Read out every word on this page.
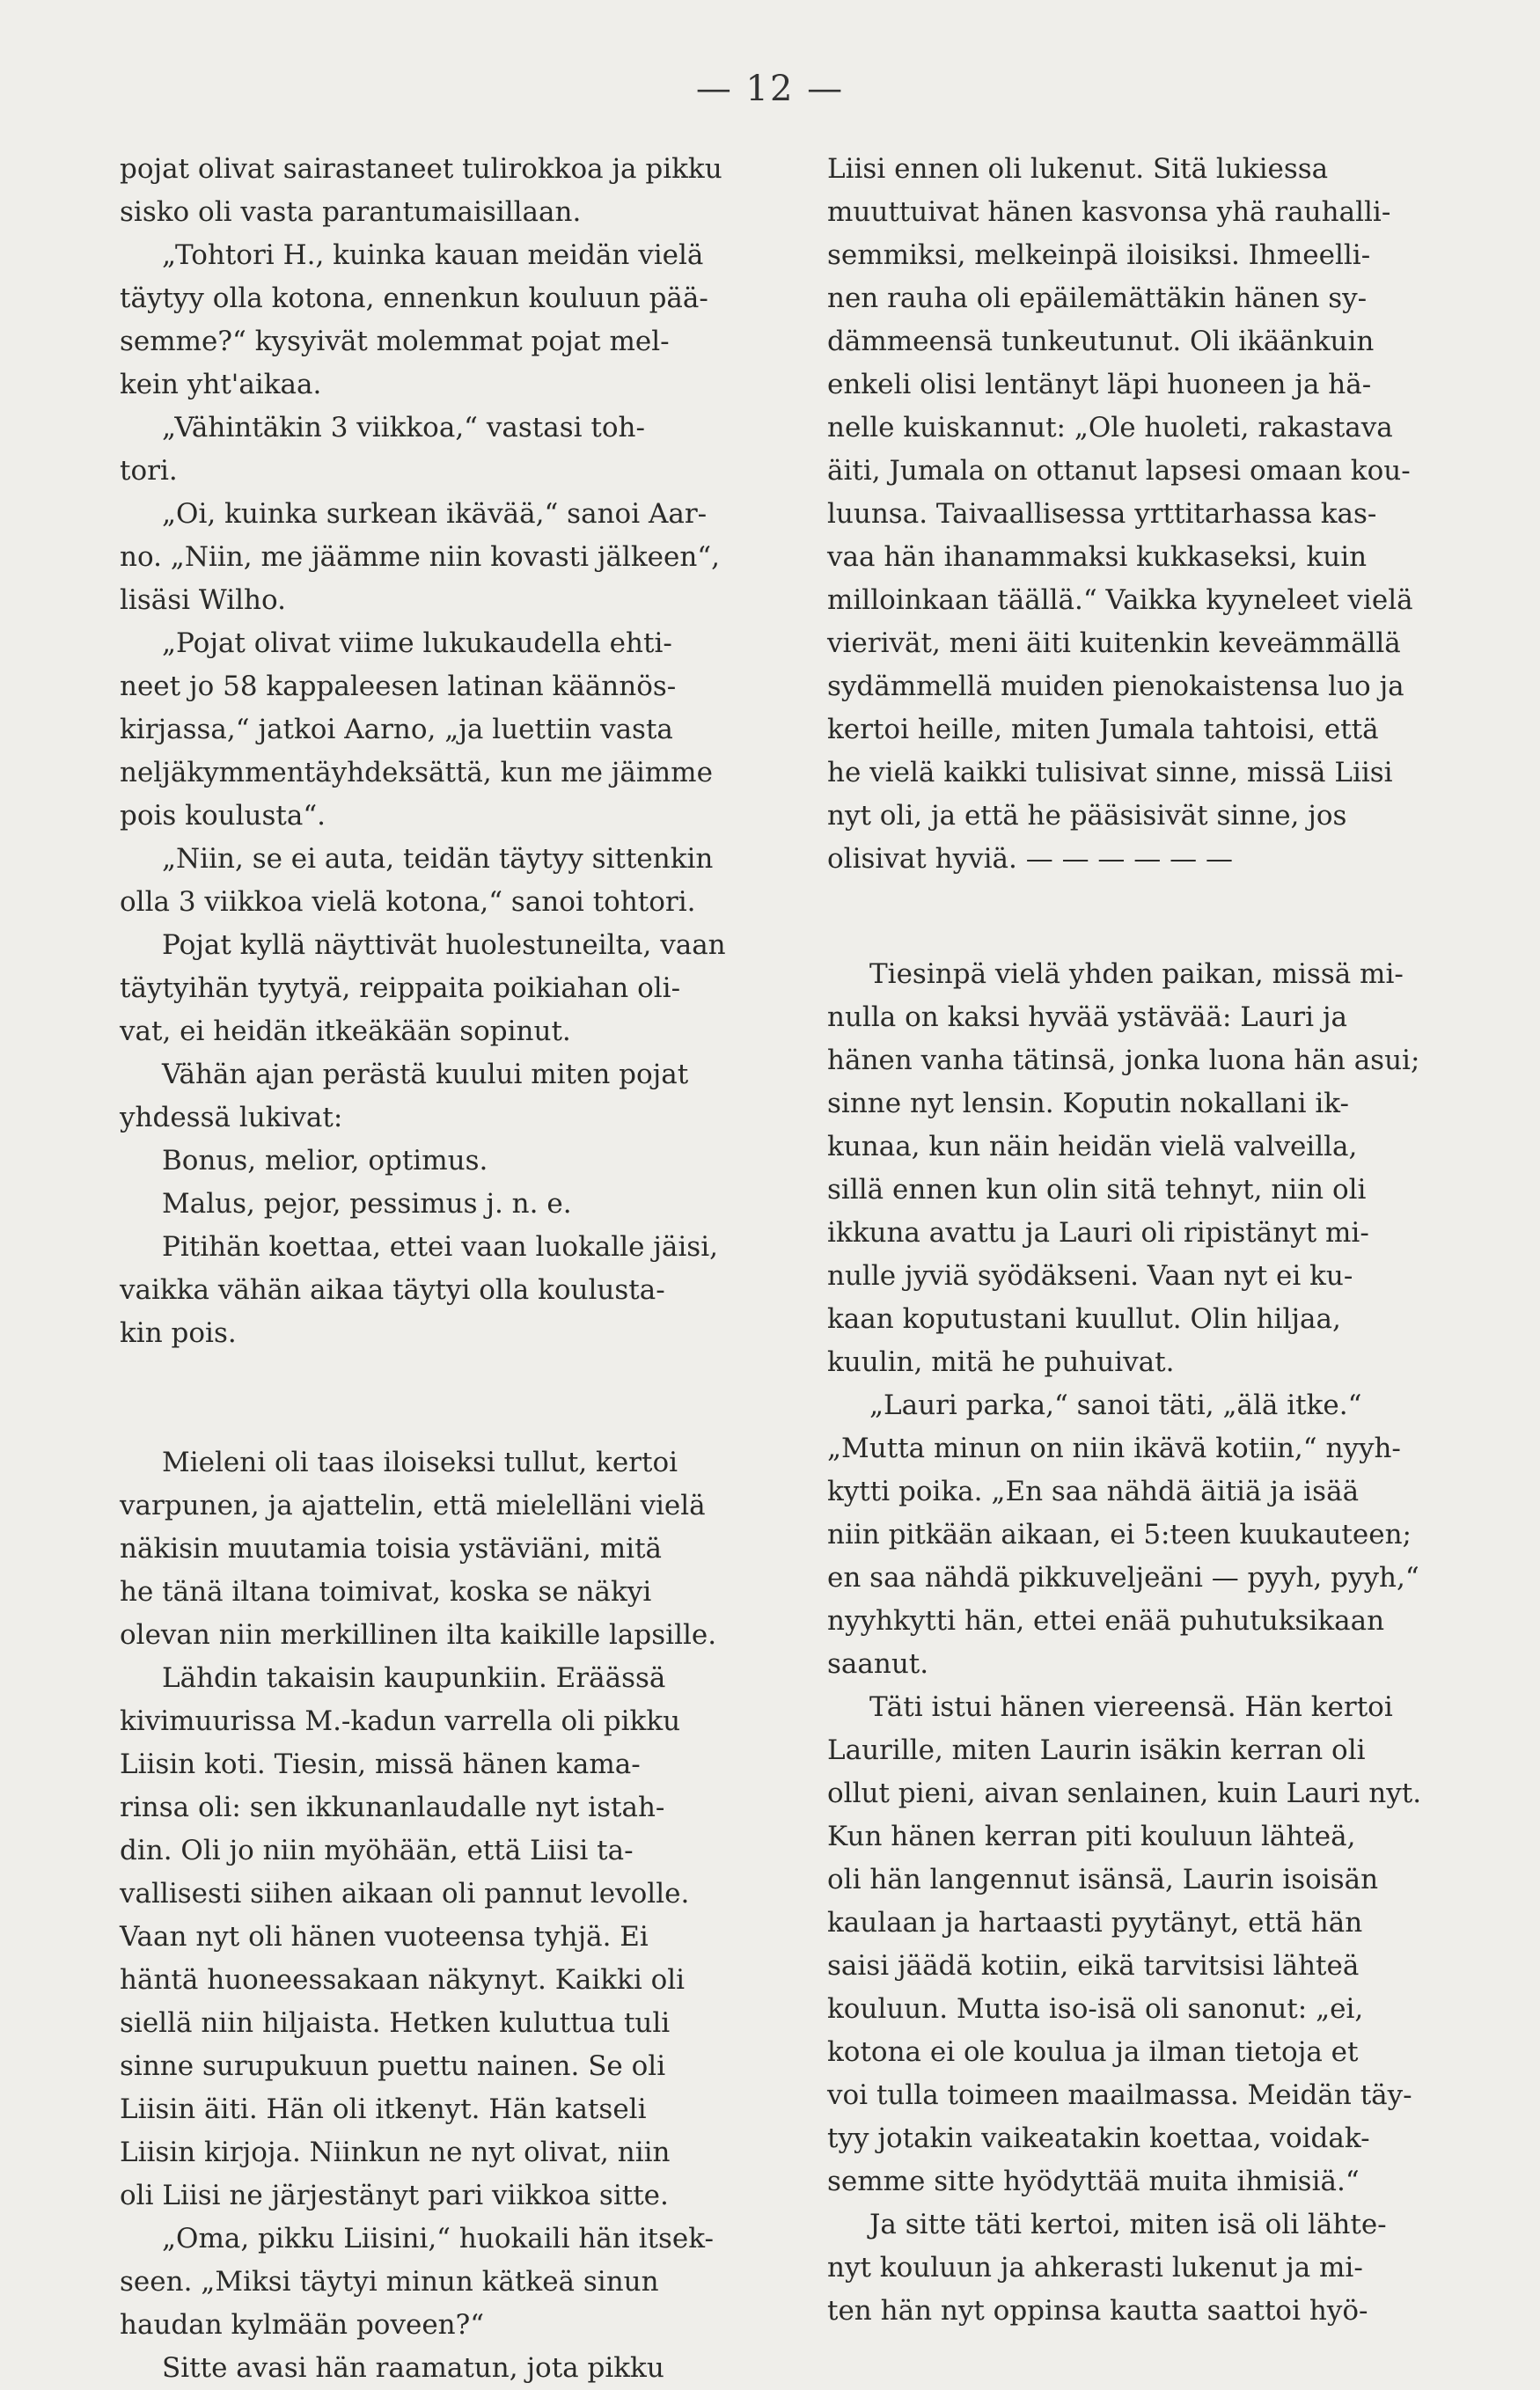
— 12 —
pojat olivat sairastaneet tulirokkoa ja pikku
sisko oli vasta parantumaisillaan.
„Tohtori H., kuinka kauan meidän vielä
täytyy olla kotona, ennenkun kouluun pää-
semme?“ kysyivät molemmat pojat mel-
kein yht'aikaa.
„Vähintäkin 3 viikkoa,“ vastasi toh-
tori.
„Oi, kuinka surkean ikävää,“ sanoi Aar-
no. „Niin, me jäämme niin kovasti jälkeen“,
lisäsi Wilho.
„Pojat olivat viime lukukaudella ehti-
neet jo 58 kappaleesen latinan käännös-
kirjassa,“ jatkoi Aarno, „ja luettiin vasta
neljäkymmentäyhdeksättä, kun me jäimme
pois koulusta“.
„Niin, se ei auta, teidän täytyy sittenkin
olla 3 viikkoa vielä kotona,“ sanoi tohtori.
Pojat kyllä näyttivät huolestuneilta, vaan
täytyihän tyytyä, reippaita poikiahan oli-
vat, ei heidän itkeäkään sopinut.
Vähän ajan perästä kuului miten pojat
yhdessä lukivat:
Bonus, melior, optimus.
Malus, pejor, pessimus j. n. e.
Pitihän koettaa, ettei vaan luokalle jäisi,
vaikka vähän aikaa täytyi olla koulusta-
kin pois.
Mieleni oli taas iloiseksi tullut, kertoi
varpunen, ja ajattelin, että mielelläni vielä
näkisin muutamia toisia ystäviäni, mitä
he tänä iltana toimivat, koska se näkyi
olevan niin merkillinen ilta kaikille lapsille.
Lähdin takaisin kaupunkiin. Eräässä
kivimuurissa M.-kadun varrella oli pikku
Liisin koti. Tiesin, missä hänen kama-
rinsa oli: sen ikkunanlaudalle nyt istah-
din. Oli jo niin myöhään, että Liisi ta-
vallisesti siihen aikaan oli pannut levolle.
Vaan nyt oli hänen vuoteensa tyhjä. Ei
häntä huoneessakaan näkynyt. Kaikki oli
siellä niin hiljaista. Hetken kuluttua tuli
sinne surupukuun puettu nainen. Se oli
Liisin äiti. Hän oli itkenyt. Hän katseli
Liisin kirjoja. Niinkun ne nyt olivat, niin
oli Liisi ne järjestänyt pari viikkoa sitte.
„Oma, pikku Liisini,“ huokaili hän itsek-
seen. „Miksi täytyi minun kätkeä sinun
haudan kylmään poveen?“
Sitte avasi hän raamatun, jota pikku
Liisi ennen oli lukenut. Sitä lukiessa
muuttuivat hänen kasvonsa yhä rauhalli-
semmiksi, melkeinpä iloisiksi. Ihmeelli-
nen rauha oli epäilemättäkin hänen sy-
dämmeensä tunkeutunut. Oli ikäänkuin
enkeli olisi lentänyt läpi huoneen ja hä-
nelle kuiskannut: „Ole huoleti, rakastava
äiti, Jumala on ottanut lapsesi omaan kou-
luunsa. Taivaallisessa yrttitarhassa kas-
vaa hän ihanammaksi kukkaseksi, kuin
milloinkaan täällä.“ Vaikka kyyneleet vielä
vierivät, meni äiti kuitenkin keveämmällä
sydämmellä muiden pienokaistensa luo ja
kertoi heille, miten Jumala tahtoisi, että
he vielä kaikki tulisivat sinne, missä Liisi
nyt oli, ja että he pääsisivät sinne, jos
olisivat hyviä. — — — — — —
Tiesinpä vielä yhden paikan, missä mi-
nulla on kaksi hyvää ystävää: Lauri ja
hänen vanha tätinsä, jonka luona hän asui;
sinne nyt lensin. Koputin nokallani ik-
kunaa, kun näin heidän vielä valveilla,
sillä ennen kun olin sitä tehnyt, niin oli
ikkuna avattu ja Lauri oli ripistänyt mi-
nulle jyviä syödäkseni. Vaan nyt ei ku-
kaan koputustani kuullut. Olin hiljaa,
kuulin, mitä he puhuivat.
„Lauri parka,“ sanoi täti, „älä itke.“
„Mutta minun on niin ikävä kotiin,“ nyyh-
kytti poika. „En saa nähdä äitiä ja isää
niin pitkään aikaan, ei 5:teen kuukauteen;
en saa nähdä pikkuveljeäni — pyyh, pyyh,“
nyyhkytti hän, ettei enää puhutuksikaan
saanut.
Täti istui hänen viereensä. Hän kertoi
Laurille, miten Laurin isäkin kerran oli
ollut pieni, aivan senlainen, kuin Lauri nyt.
Kun hänen kerran piti kouluun lähteä,
oli hän langennut isänsä, Laurin isoisän
kaulaan ja hartaasti pyytänyt, että hän
saisi jäädä kotiin, eikä tarvitsisi lähteä
kouluun. Mutta iso-isä oli sanonut: „ei,
kotona ei ole koulua ja ilman tietoja et
voi tulla toimeen maailmassa. Meidän täy-
tyy jotakin vaikeatakin koettaa, voidak-
semme sitte hyödyttää muita ihmisiä.“
Ja sitte täti kertoi, miten isä oli lähte-
nyt kouluun ja ahkerasti lukenut ja mi-
ten hän nyt oppinsa kautta saattoi hyö-
